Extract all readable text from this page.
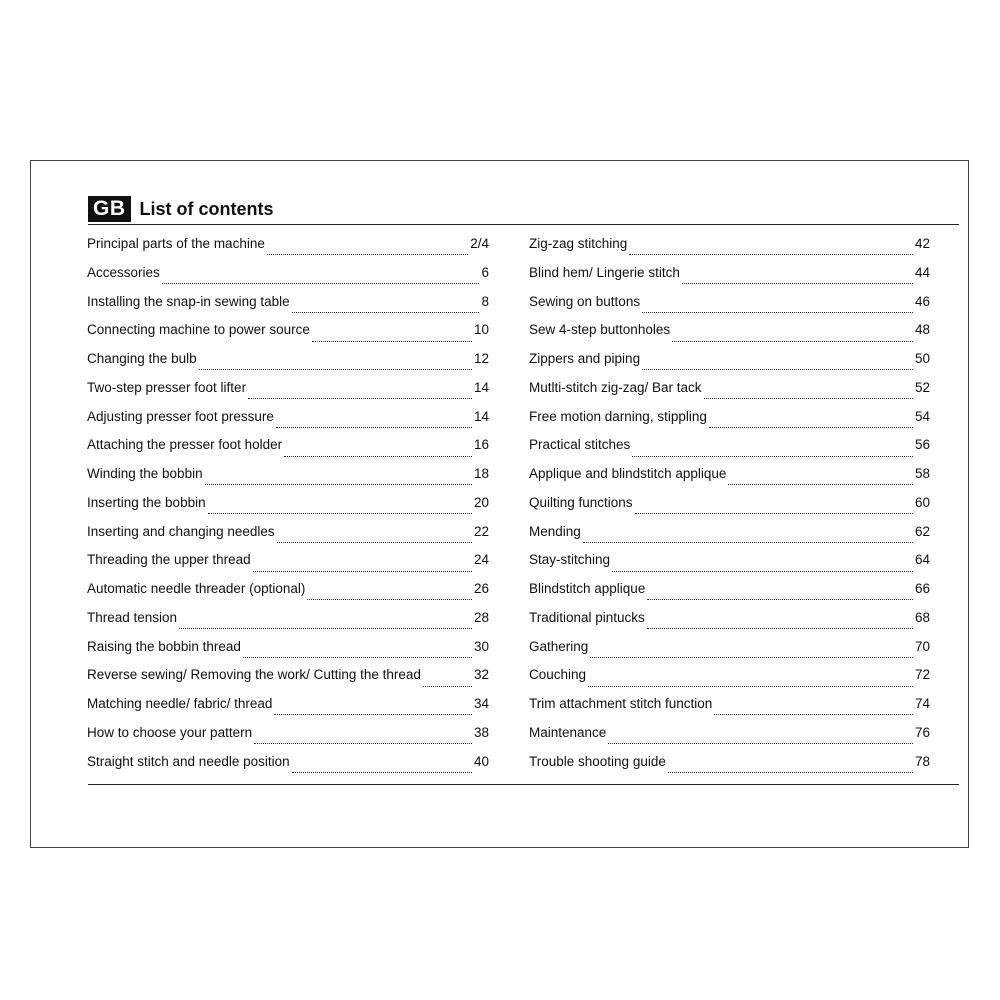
GB List of contents
Principal parts of the machine	2/4
Accessories	6
Installing the snap-in sewing table	8
Connecting machine to power source	10
Changing the bulb	12
Two-step presser foot lifter	14
Adjusting presser foot pressure	14
Attaching the presser foot holder	16
Winding the bobbin	18
Inserting the bobbin	20
Inserting and changing needles	22
Threading the upper thread	24
Automatic needle threader (optional)	26
Thread tension	28
Raising the bobbin thread	30
Reverse sewing/ Removing the work/ Cutting the thread	32
Matching needle/ fabric/ thread	34
How to choose your pattern	38
Straight stitch and needle position	40
Zig-zag stitching	42
Blind hem/ Lingerie stitch	44
Sewing on buttons	46
Sew 4-step buttonholes	48
Zippers and piping	50
Mutlti-stitch zig-zag/ Bar tack	52
Free motion darning, stippling	54
Practical stitches	56
Applique and blindstitch applique	58
Quilting functions	60
Mending	62
Stay-stitching	64
Blindstitch applique	66
Traditional pintucks	68
Gathering	70
Couching	72
Trim attachment stitch function	74
Maintenance	76
Trouble shooting guide	78
